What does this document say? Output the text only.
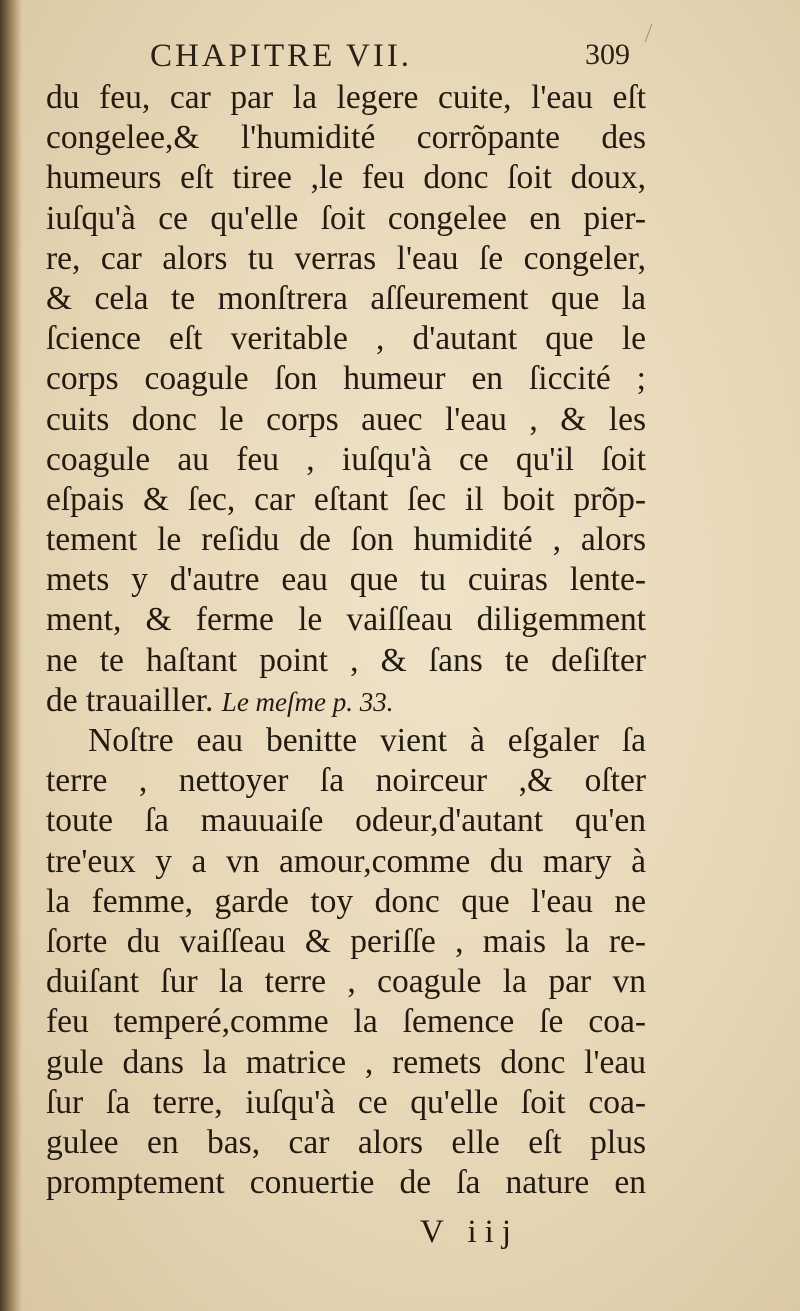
CHAPITRE VII.	309
du feu, car par la legere cuite, l'eau eſt
congelee,& l'humidité corrõpante des
humeurs eſt tiree ,le feu donc ſoit doux,
iuſqu'à ce qu'elle ſoit congelee en pier-
re, car alors tu verras l'eau ſe congeler,
& cela te monſtrera aſſeurement que la
ſcience eſt veritable , d'autant que le
corps coagule ſon humeur en ſiccité ;
cuits donc le corps auec l'eau , & les
coagule au feu , iuſqu'à ce qu'il ſoit
eſpais & ſec, car eſtant ſec il boit prõp-
tement le reſidu de ſon humidité , alors
mets y d'autre eau que tu cuiras lente-
ment, & ferme le vaiſſeau diligemment
ne te haſtant point , & ſans te deſiſter
de trauailler. Le meſme p. 33.
Noſtre eau benitte vient à eſgaler ſa
terre , nettoyer ſa noirceur ,& oſter
toute ſa mauuaiſe odeur,d'autant qu'en
tre'eux y a vn amour,comme du mary à
la femme, garde toy donc que l'eau ne
ſorte du vaiſſeau & periſſe , mais la re-
duiſant ſur la terre , coagule la par vn
feu temperé,comme la ſemence ſe coa-
gule dans la matrice , remets donc l'eau
ſur ſa terre, iuſqu'à ce qu'elle ſoit coa-
gulee en bas, car alors elle eſt plus
promptement conuertie de ſa nature en
V iij
